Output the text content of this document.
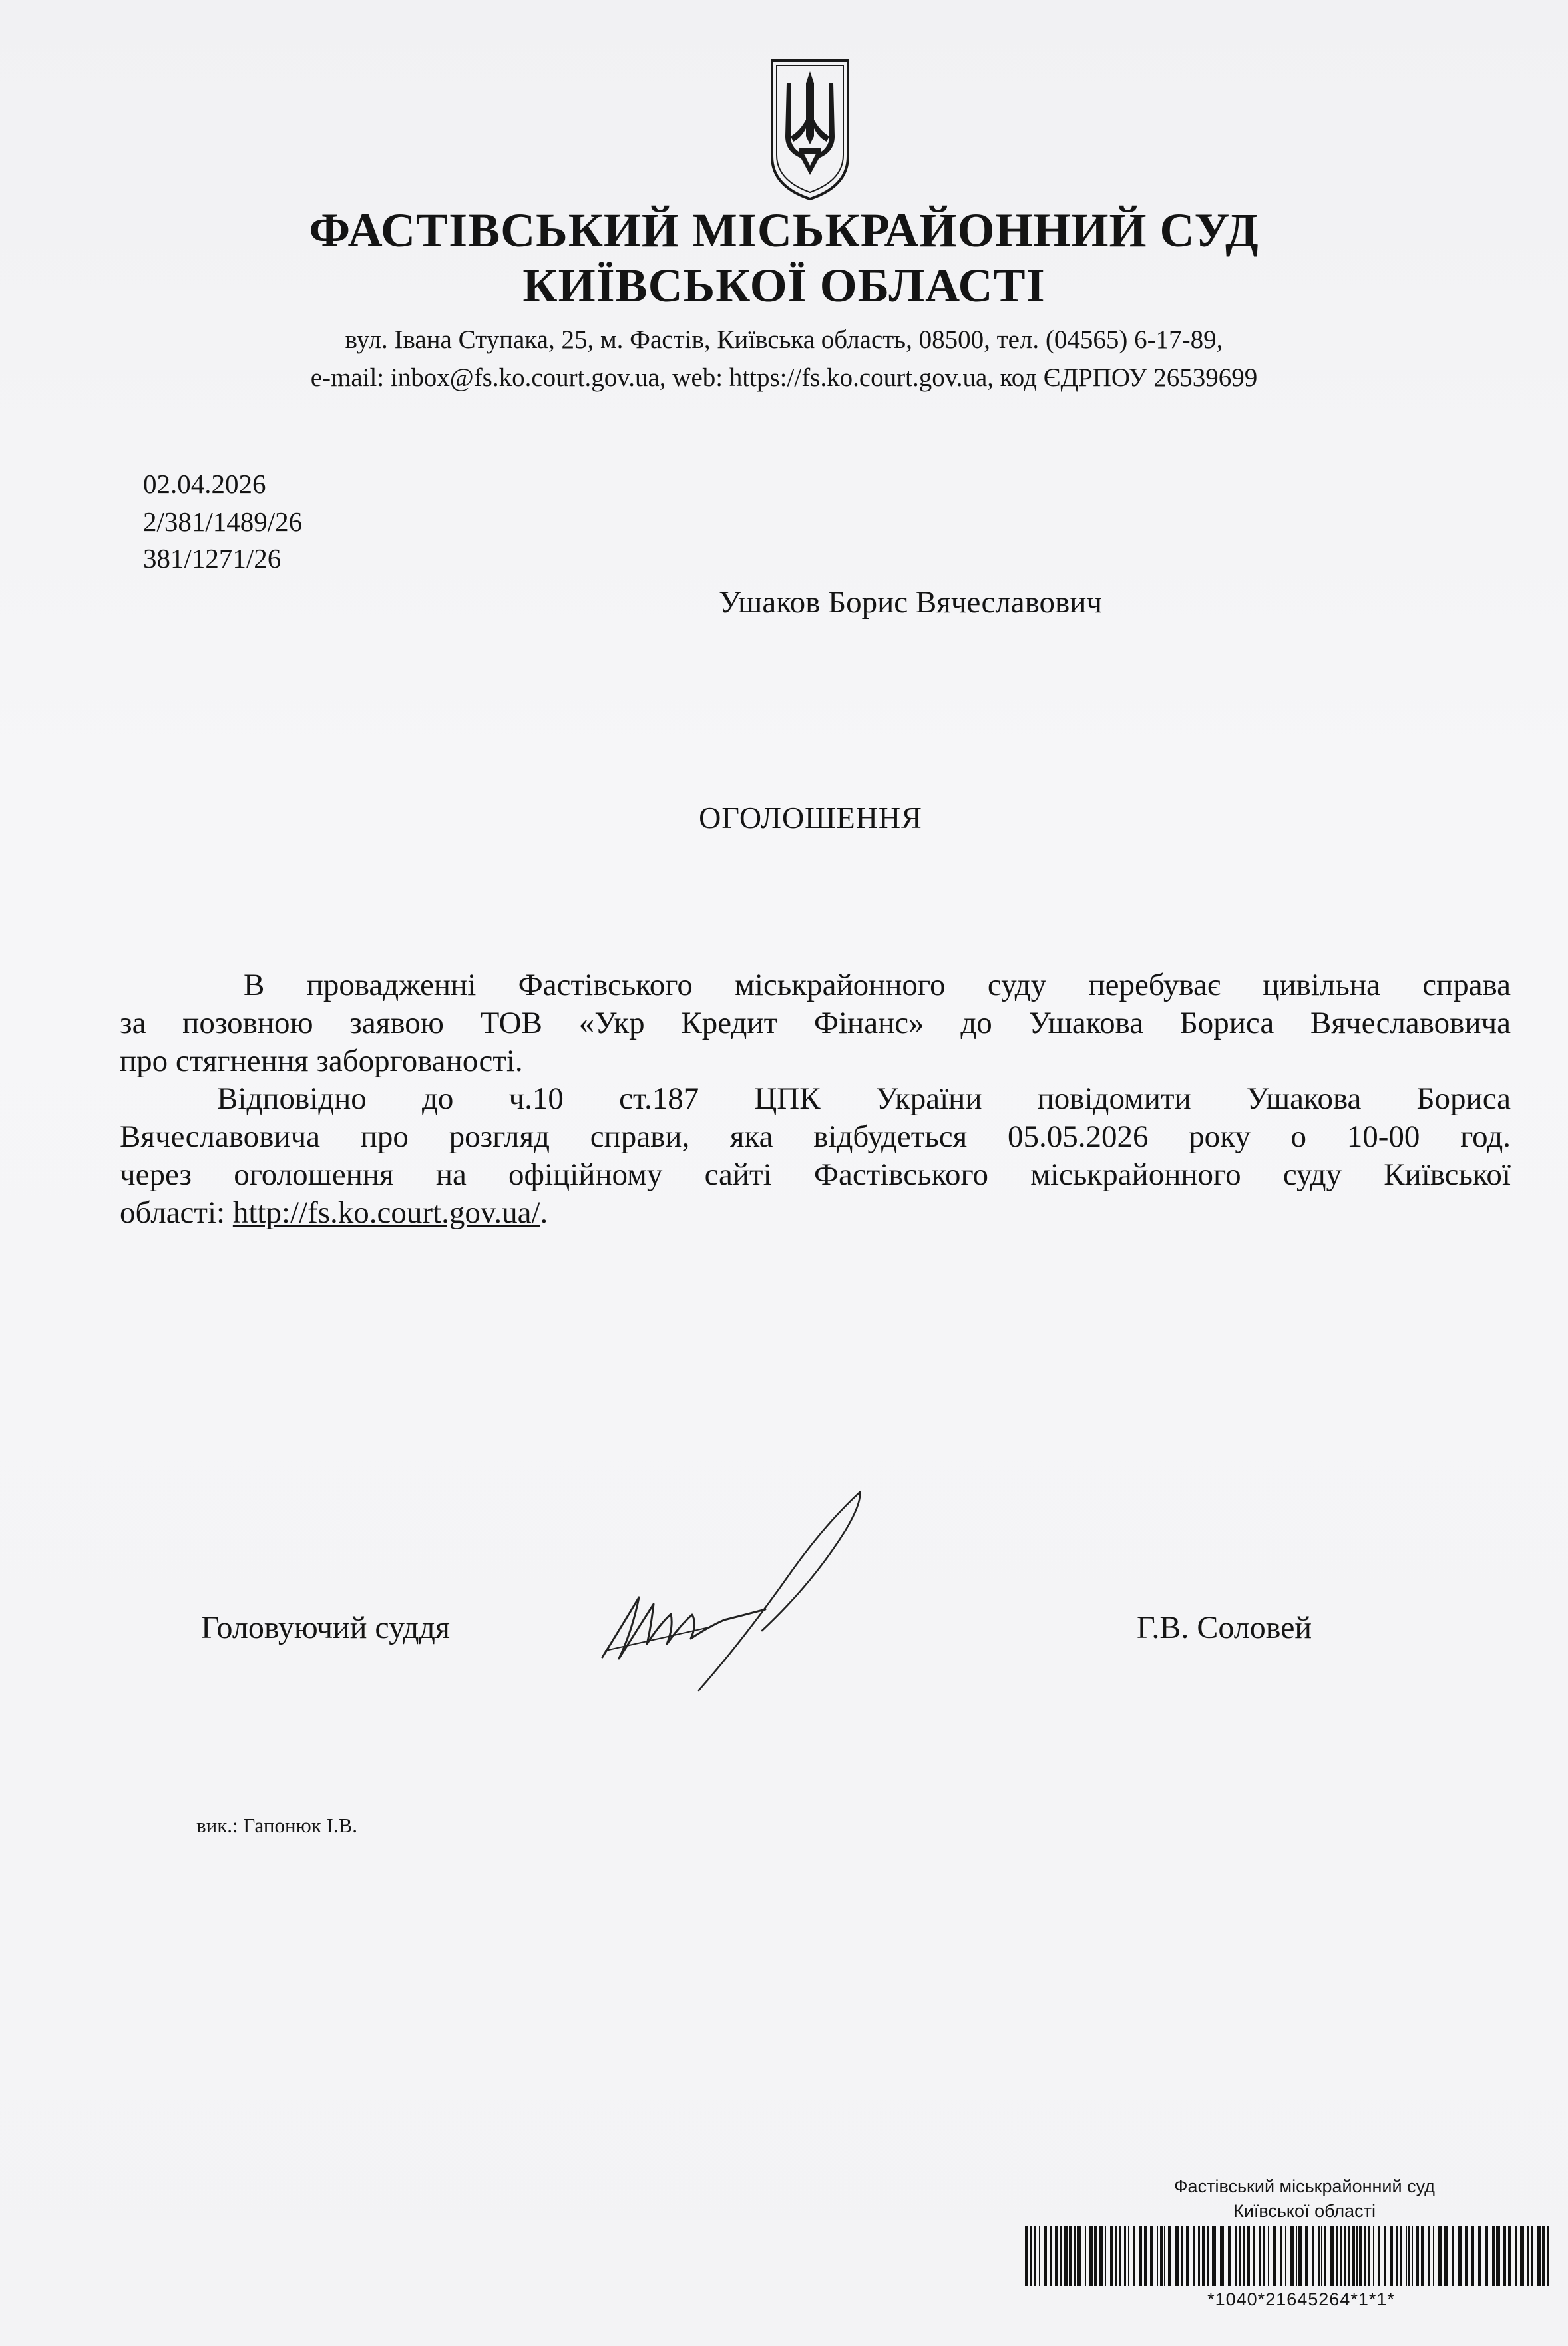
ФАСТІВСЬКИЙ МІСЬКРАЙОННИЙ СУД
КИЇВСЬКОЇ ОБЛАСТІ
вул. Івана Ступака, 25, м. Фастів, Київська область, 08500, тел. (04565) 6-17-89,
e-mail: inbox@fs.ko.court.gov.ua, web: https://fs.ko.court.gov.ua, код ЄДРПОУ 26539699
02.04.2026
2/381/1489/26
381/1271/26
Ушаков Борис Вячеславович
ОГОЛОШЕННЯ
В провадженні Фастівського міськрайонного суду перебуває цивільна справа
за позовною заявою ТОВ «Укр Кредит Фінанс» до Ушакова Бориса Вячеславовича
про стягнення заборгованості.
Відповідно до ч.10 ст.187 ЦПК України повідомити Ушакова Бориса
Вячеславовича про розгляд справи, яка відбудеться 05.05.2026 року о 10-00 год.
через оголошення на офіційному сайті Фастівського міськрайонного суду Київської
області: http://fs.ko.court.gov.ua/.
Головуючий суддя	Г.В. Соловей
вик.: Гапонюк І.В.
Фастівський міськрайонний суд
Київської області
*1040*21645264*1*1*
